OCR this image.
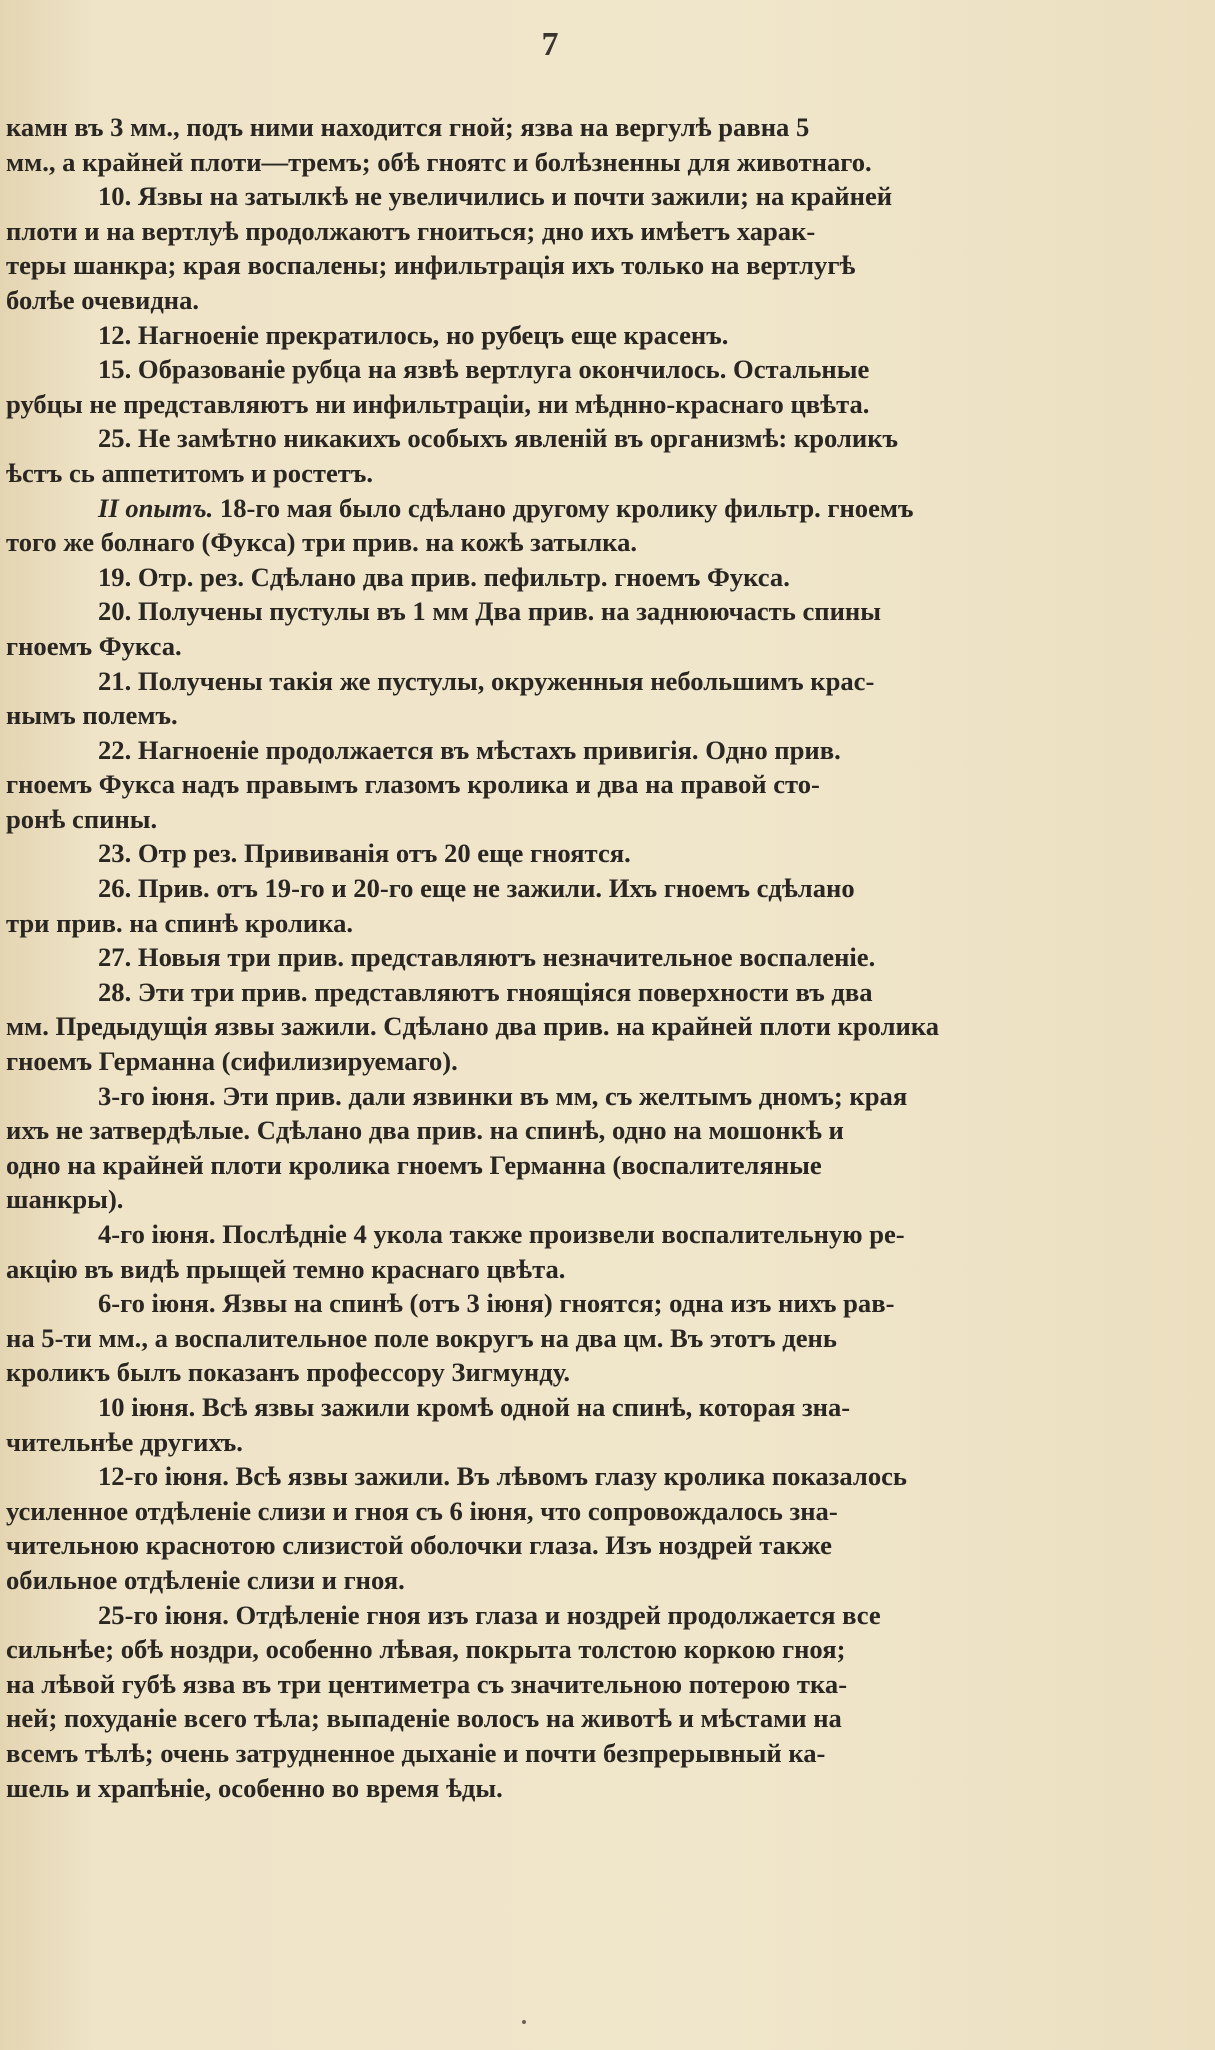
7
камн въ 3 мм., подъ ними находится гной; язва на вергулѣ равна 5
мм., а крайней плоти—тремъ; обѣ гноятс и болѣзненны для животнаго.
10. Язвы на затылкѣ не увеличились и почти зажили; на крайней
плоти и на вертлуѣ продолжаютъ гноиться; дно ихъ имѣетъ харак-
теры шанкра; края воспалены; инфильтрація ихъ только на вертлугѣ
болѣе очевидна.
12. Нагноеніе прекратилось, но рубецъ еще красенъ.
15. Образованіе рубца на язвѣ вертлуга окончилось. Остальные
рубцы не представляютъ ни инфильтраціи, ни мѣднно-краснаго цвѣта.
25. Не замѣтно никакихъ особыхъ явленій въ организмѣ: кроликъ
ѣстъ сь аппетитомъ и ростетъ.
II опытъ. 18-го мая было сдѣлано другому кролику фильтр. гноемъ
того же болнаго (Фукса) три прив. на кожѣ затылка.
19. Отр. рез. Сдѣлано два прив. пефильтр. гноемъ Фукса.
20. Получены пустулы въ 1 мм Два прив. на заднюючасть спины
гноемъ Фукса.
21. Получены такія же пустулы, окруженныя небольшимъ крас-
нымъ полемъ.
22. Нагноеніе продолжается въ мѣстахъ привигія. Одно прив.
гноемъ Фукса надъ правымъ глазомъ кролика и два на правой сто-
ронѣ спины.
23. Отр рез. Прививанія отъ 20 еще гноятся.
26. Прив. отъ 19-го и 20-го еще не зажили. Ихъ гноемъ сдѣлано
три прив. на спинѣ кролика.
27. Новыя три прив. представляютъ незначительное воспаленіе.
28. Эти три прив. представляютъ гноящіяся поверхности въ два
мм. Предыдущія язвы зажили. Сдѣлано два прив. на крайней плоти кролика
гноемъ Германна (сифилизируемаго).
3-го іюня. Эти прив. дали язвинки въ мм, съ желтымъ дномъ; края
ихъ не затвердѣлые. Сдѣлано два прив. на спинѣ, одно на мошонкѣ и
одно на крайней плоти кролика гноемъ Германна (воспалителяные
шанкры).
4-го іюня. Послѣдніе 4 укола также произвели воспалительную ре-
акцію въ видѣ прыщей темно краснаго цвѣта.
6-го іюня. Язвы на спинѣ (отъ 3 іюня) гноятся; одна изъ нихъ рав-
на 5-ти мм., а воспалительное поле вокругъ на два цм. Въ этотъ день
кроликъ былъ показанъ профессору Зигмунду.
10 іюня. Всѣ язвы зажили кромѣ одной на спинѣ, которая зна-
чительнѣе другихъ.
12-го іюня. Всѣ язвы зажили. Въ лѣвомъ глазу кролика показалось
усиленное отдѣленіе слизи и гноя съ 6 іюня, что сопровождалось зна-
чительною краснотою слизистой оболочки глаза. Изъ ноздрей также
обильное отдѣленіе слизи и гноя.
25-го іюня. Отдѣленіе гноя изъ глаза и ноздрей продолжается все
сильнѣе; обѣ ноздри, особенно лѣвая, покрыта толстою коркою гноя;
на лѣвой губѣ язва въ три центиметра съ значительною потерою тка-
ней; похуданіе всего тѣла; выпаденіе волосъ на животѣ и мѣстами на
всемъ тѣлѣ; очень затрудненное дыханіе и почти безпрерывный ка-
шель и храпѣніе, особенно во время ѣды.
